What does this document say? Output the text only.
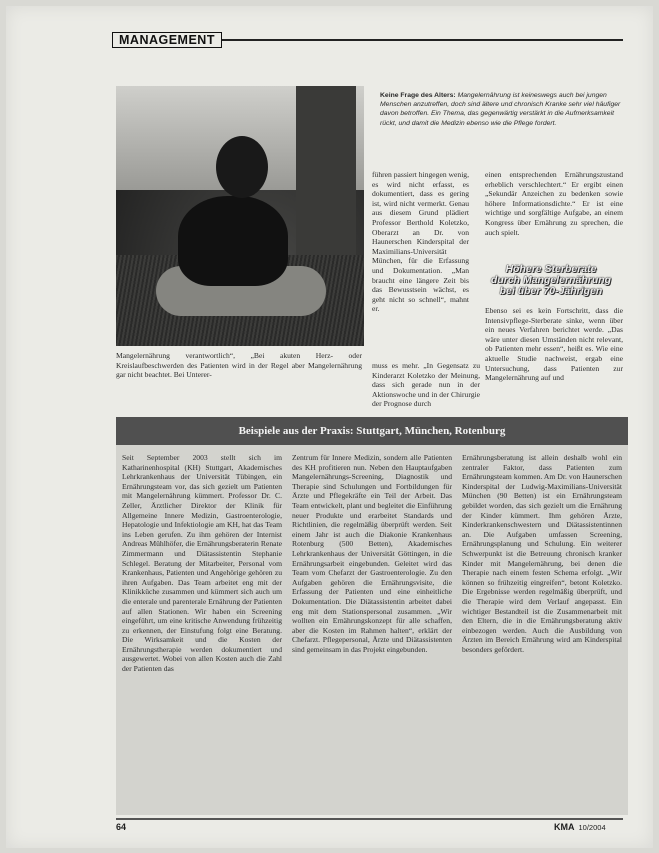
MANAGEMENT
Keine Frage des Alters: Mangelernährung ist keineswegs auch bei jungen Menschen anzutreffen, doch sind ältere und chronisch Kranke sehr viel häufiger davon betroffen. Ein Thema, das gegenwärtig verstärkt in die Aufmerksamkeit rückt, und damit die Medizin ebenso wie die Pflege fordert.
führen passiert hingegen wenig, es wird nicht erfasst, es dokumentiert, dass es gering ist, wird nicht vermerkt. Genau aus diesem Grund plädiert Professor Berthold Koletzko, Oberarzt an Dr. von Haunerschen Kinderspital der Maximilians-Universität München, für die Erfassung und Dokumentation. „Man braucht eine längere Zeit bis das Bewusstsein wächst, es geht nicht so schnell“, mahnt er.
einen entsprechenden Ernährungszustand erheblich verschlechtert.“ Er ergibt einen „Sekundär Anzeichen zu bedenken sowie höhere Informationsdichte.“ Er ist eine wichtige und sorgfältige Aufgabe, an einem Kongress über Ernährung zu sprechen, die auch spielt.
Höhere Sterberate
durch Mangelernährung
bei über 70-Jährigen
Ebenso sei es kein Fortschritt, dass die Intensivpflege-Sterberate sinke, wenn über ein neues Verfahren berichtet werde. „Das wäre unter diesen Umständen nicht relevant, ob Patienten mehr essen“, heißt es. Wie eine aktuelle Studie nachweist, ergab eine Untersuchung, dass Patienten zur Mangelernährung auf und
Mangelernährung verantwortlich“, „Bei akuten Herz- oder Kreislaufbeschwerden des Patienten wird in der Regel aber Mangelernährung gar nicht beachtet. Bei Unterer-
muss es mehr. „In Gegensatz zu Kinderarzt Koletzko der Meinung, dass sich gerade nun in der Aktionswoche und in der Chirurgie der Prognose durch
Beispiele aus der Praxis: Stuttgart, München, Rotenburg
Seit September 2003 stellt sich im Katharinenhospital (KH) Stuttgart, Akademisches Lehrkrankenhaus der Universität Tübingen, ein Ernährungsteam vor, das sich gezielt um Patienten mit Mangelernährung kümmert. Professor Dr. C. Zeller, Ärztlicher Direktor der Klinik für Allgemeine Innere Medizin, Gastroenterologie, Hepatologie und Infektiologie am KH, hat das Team ins Leben gerufen. Zu ihm gehören der Internist Andreas Mühlhöfer, die Ernährungsberaterin Renate Zimmermann und Diätassistentin Stephanie Schlegel. Beratung der Mitarbeiter, Personal vom Krankenhaus, Patienten und Angehörige gehören zu ihren Aufgaben. Das Team arbeitet eng mit der Klinikküche zusammen und kümmert sich auch um die enterale und parenterale Ernährung der Patienten auf allen Stationen. Wir haben ein Screening eingeführt, um eine kritische Anwendung frühzeitig zu erkennen, der Einstufung folgt eine Beratung. Die Wirksamkeit und die Kosten der Ernährungstherapie werden dokumentiert und ausgewertet. Wobei von allen Kosten auch die Zahl der Patienten das
Zentrum für Innere Medizin, sondern alle Patienten des KH profitieren nun. Neben den Hauptaufgaben Mangelernährungs-Screening, Diagnostik und Therapie sind Schulungen und Fortbildungen für Ärzte und Pflegekräfte ein Teil der Arbeit. Das Team entwickelt, plant und begleitet die Einführung neuer Produkte und erarbeitet Standards und Richtlinien, die regelmäßig überprüft werden. Seit einem Jahr ist auch die Diakonie Krankenhaus Rotenburg (500 Betten), Akademisches Lehrkrankenhaus der Universität Göttingen, in die Ernährungsarbeit eingebunden. Geleitet wird das Team vom Chefarzt der Gastroenterologie. Zu den Aufgaben gehören die Ernährungsvisite, die Erfassung der Patienten und eine einheitliche Dokumentation. Die Diätassistentin arbeitet dabei eng mit dem Stationspersonal zusammen. „Wir wollten ein Ernährungskonzept für alle schaffen, aber die Kosten im Rahmen halten“, erklärt der Chefarzt. Pflegepersonal, Ärzte und Diätassistenten sind gemeinsam in das Projekt eingebunden.
Ernährungsberatung ist allein deshalb wohl ein zentraler Faktor, dass Patienten zum Ernährungsteam kommen. Am Dr. von Haunerschen Kinderspital der Ludwig-Maximilians-Universität München (90 Betten) ist ein Ernährungsteam gebildet worden, das sich gezielt um die Ernährung der Kinder kümmert. Ihm gehören Ärzte, Kinderkrankenschwestern und Diätassistentinnen an. Die Aufgaben umfassen Screening, Ernährungsplanung und Schulung. Ein weiterer Schwerpunkt ist die Betreuung chronisch kranker Kinder mit Mangelernährung, bei denen die Therapie nach einem festen Schema erfolgt. „Wir können so frühzeitig eingreifen“, betont Koletzko. Die Ergebnisse werden regelmäßig überprüft, und die Therapie wird dem Verlauf angepasst. Ein wichtiger Bestandteil ist die Zusammenarbeit mit den Eltern, die in die Ernährungsberatung aktiv einbezogen werden. Auch die Ausbildung von Ärzten im Bereich Ernährung wird am Kinderspital besonders gefördert.
64	KMA 10/2004
